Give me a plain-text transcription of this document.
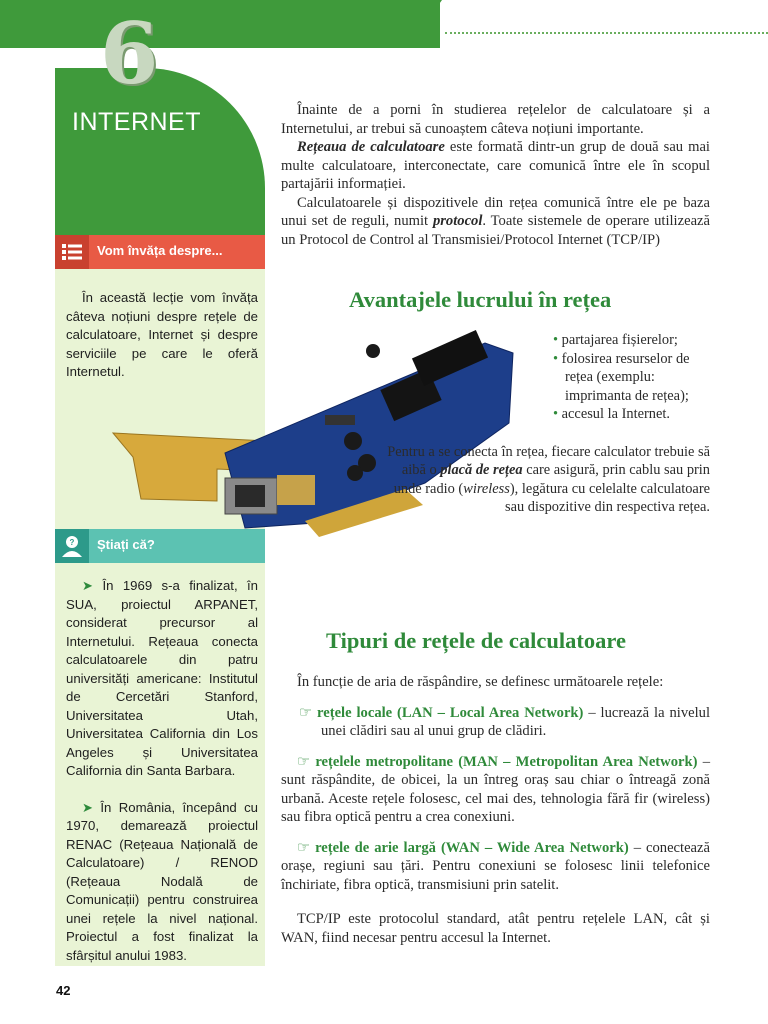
6
INTERNET
Vom învăța despre...

În această lecție vom învăța câteva noțiuni despre rețele de calculatoare, Internet și despre serviciile pe care le oferă Internetul.

? Știați că?

➤ În 1969 s-a finalizat, în SUA, proiectul ARPANET, considerat precursor al Internetului. Rețeaua conecta calculatoarele din patru universități americane: Institutul de Cercetări Stanford, Universitatea Utah, Universitatea California din Los Angeles și Universitatea California din Santa Barbara.

➤ În România, începând cu 1970, demarează proiectul RENAC (Rețeaua Națională de Calculatoare) / RENOD (Rețeaua Nodală de Comunicații) pentru construirea unei rețele la nivel național. Proiectul a fost finalizat la sfârșitul anului 1983.

Înainte de a porni în studierea rețelelor de calculatoare și a Internetului, ar trebui să cunoaștem câteva noțiuni importante.

Rețeaua de calculatoare este formată dintr-un grup de două sau mai multe calculatoare, interconectate, care comunică între ele în scopul partajării informației.

Calculatoarele și dispozitivele din rețea comunică între ele pe baza unui set de reguli, numit protocol. Toate sistemele de operare utilizează un Protocol de Control al Transmisiei/Protocol Internet (TCP/IP)

Avantajele lucrului în rețea
• partajarea fișierelor;
• folosirea resurselor de rețea (exemplu: imprimanta de rețea);
• accesul la Internet.
Pentru a se conecta în rețea, fiecare calculator trebuie să aibă o placă de rețea care asigură, prin cablu sau prin unde radio (wireless), legătura cu celelalte calculatoare sau dispozitive din respectiva rețea.
Tipuri de rețele de calculatoare

În funcție de aria de răspândire, se definesc următoarele rețele:

☞ rețele locale (LAN – Local Area Network) – lucrează la nivelul unei clădiri sau al unui grup de clădiri.

☞ rețelele metropolitane (MAN – Metropolitan Area Network) – sunt răspândite, de obicei, la un întreg oraș sau chiar o întreagă zonă urbană. Aceste rețele folosesc, cel mai des, tehnologia fără fir (wireless) sau fibra optică pentru a crea conexiuni.

☞ rețele de arie largă (WAN – Wide Area Network) – conectează orașe, regiuni sau țări. Pentru conexiuni se folosesc linii telefonice închiriate, fibra optică, transmisiuni prin satelit.

TCP/IP este protocolul standard, atât pentru rețelele LAN, cât și WAN, fiind necesar pentru accesul la Internet.

42
